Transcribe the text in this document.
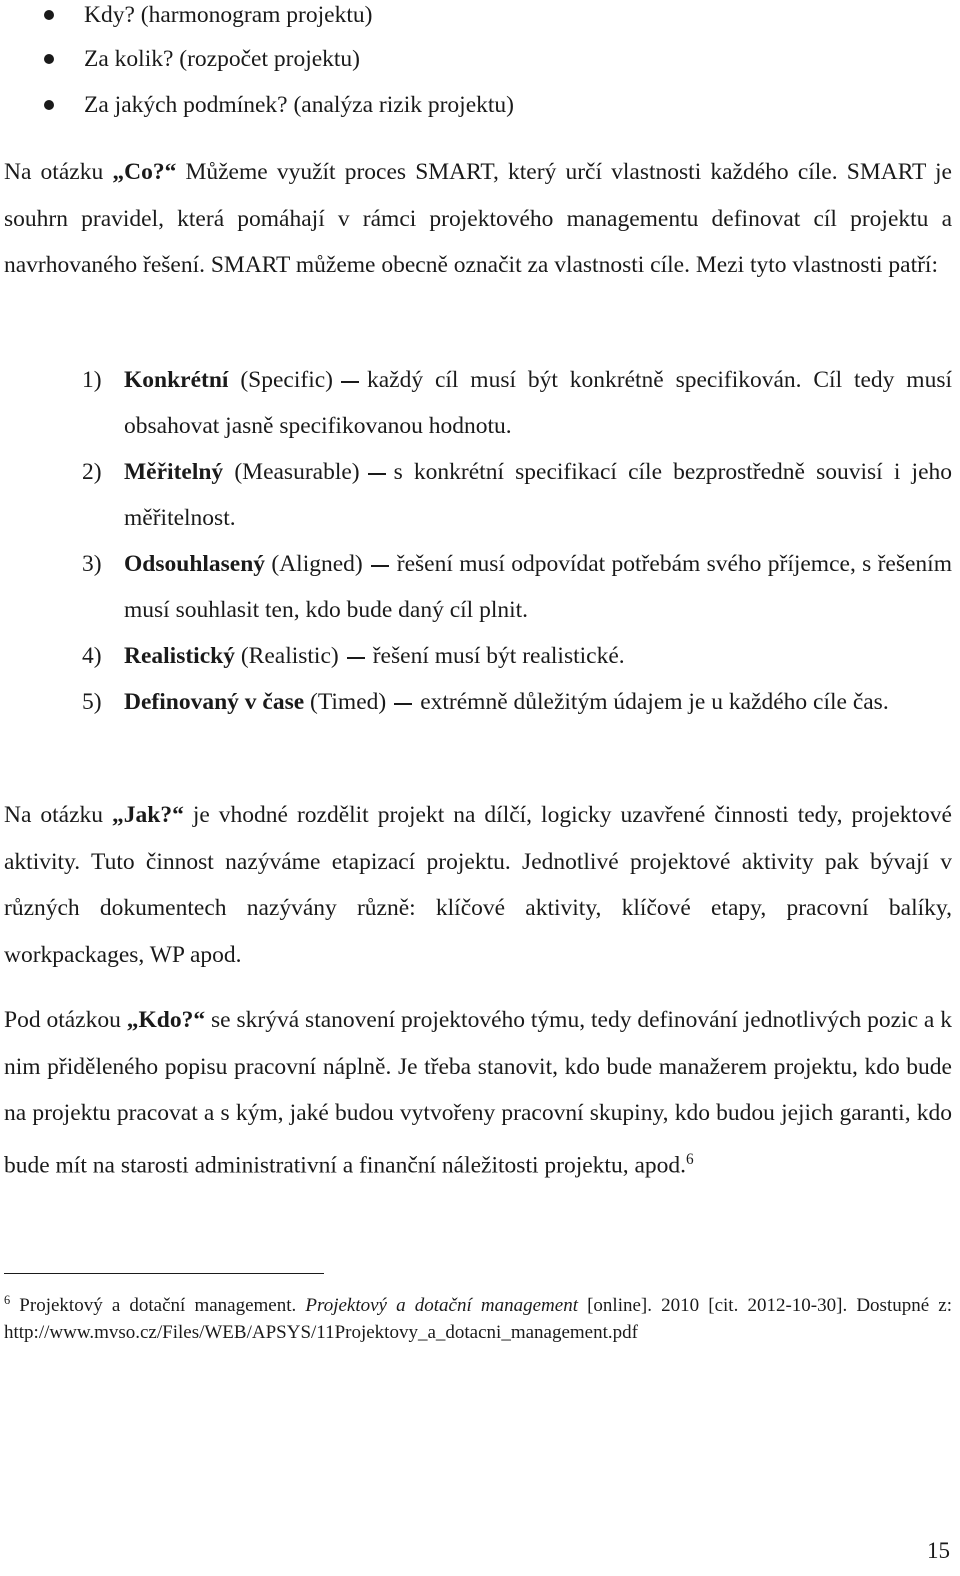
Kdy? (harmonogram projektu)
Za kolik? (rozpočet projektu)
Za jakých podmínek? (analýza rizik projektu)

Na otázku „Co?“ Můžeme využít proces SMART, který určí vlastnosti každého cíle. SMART je souhrn pravidel, která pomáhají v rámci projektového managementu definovat cíl projektu a navrhovaného řešení. SMART můžeme obecně označit za vlastnosti cíle. Mezi tyto vlastnosti patří:

1) Konkrétní (Specific) každý cíl musí být konkrétně specifikován. Cíl tedy musí obsahovat jasně specifikovanou hodnotu.
2) Měřitelný (Measurable) s konkrétní specifikací cíle bezprostředně souvisí i jeho měřitelnost.
3) Odsouhlasený (Aligned) řešení musí odpovídat potřebám svého příjemce, s řešením musí souhlasit ten, kdo bude daný cíl plnit.
4) Realistický (Realistic) řešení musí být realistické.
5) Definovaný v čase (Timed) extrémně důležitým údajem je u každého cíle čas.

Na otázku „Jak?“ je vhodné rozdělit projekt na dílčí, logicky uzavřené činnosti tedy, projektové aktivity. Tuto činnost nazýváme etapizací projektu. Jednotlivé projektové aktivity pak bývají v různých dokumentech nazývány různě: klíčové aktivity, klíčové etapy, pracovní balíky, workpackages, WP apod.

Pod otázkou „Kdo?“ se skrývá stanovení projektového týmu, tedy definování jednotlivých pozic a k nim přiděleného popisu pracovní náplně. Je třeba stanovit, kdo bude manažerem projektu, kdo bude na projektu pracovat a s kým, jaké budou vytvořeny pracovní skupiny, kdo budou jejich garanti, kdo bude mít na starosti administrativní a finanční náležitosti projektu, apod.$^6$

$^6$ Projektový a dotační management. Projektový a dotační management [online]. 2010 [cit. 2012-10-30]. Dostupné z: http://www.mvso.cz/Files/WEB/APSYS/11Projektovy_a_dotacni_management.pdf

15
